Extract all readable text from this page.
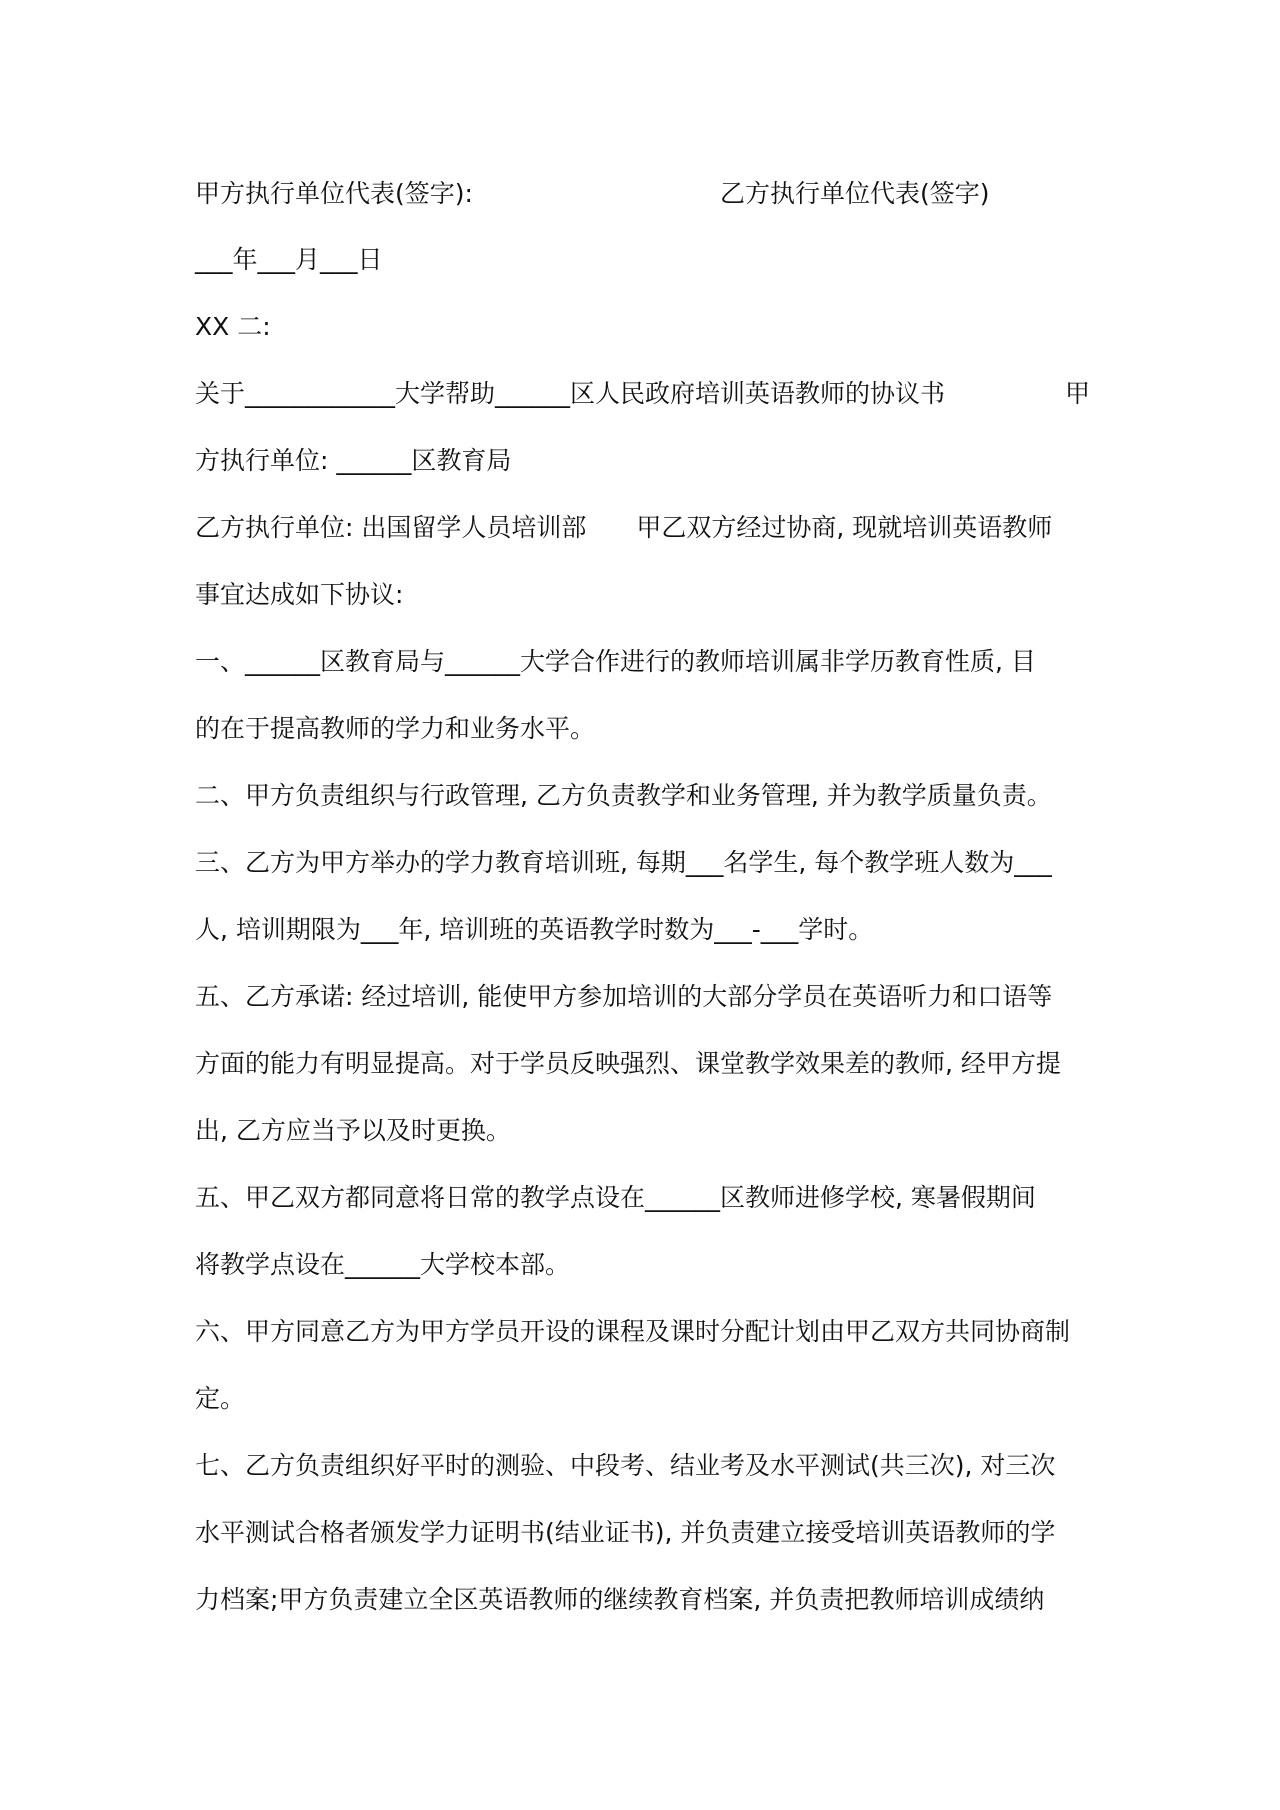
甲方执行单位代表(签字):	乙方执行单位代表(签字)

___年___月___日

XX 二:

关于____________大学帮助______区人民政府培训英语教师的协议书	甲

方执行单位: ______区教育局

乙方执行单位: 出国留学人员培训部　　甲乙双方经过协商, 现就培训英语教师

事宜达成如下协议:

一、______区教育局与______大学合作进行的教师培训属非学历教育性质, 目

的在于提高教师的学力和业务水平。

二、甲方负责组织与行政管理, 乙方负责教学和业务管理, 并为教学质量负责。

三、乙方为甲方举办的学力教育培训班, 每期___名学生, 每个教学班人数为___

人, 培训期限为___年, 培训班的英语教学时数为___-___学时。

五、乙方承诺: 经过培训, 能使甲方参加培训的大部分学员在英语听力和口语等

方面的能力有明显提高。对于学员反映强烈、课堂教学效果差的教师, 经甲方提

出, 乙方应当予以及时更换。

五、甲乙双方都同意将日常的教学点设在______区教师进修学校, 寒暑假期间

将教学点设在______大学校本部。

六、甲方同意乙方为甲方学员开设的课程及课时分配计划由甲乙双方共同协商制

定。

七、乙方负责组织好平时的测验、中段考、结业考及水平测试(共三次), 对三次

水平测试合格者颁发学力证明书(结业证书), 并负责建立接受培训英语教师的学

力档案;甲方负责建立全区英语教师的继续教育档案, 并负责把教师培训成绩纳
